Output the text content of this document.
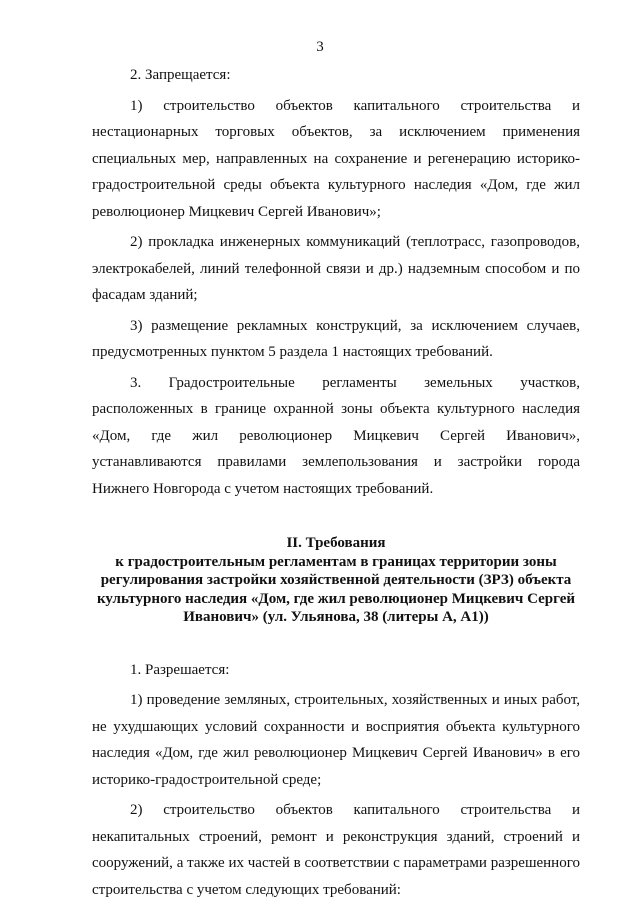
3

2. Запрещается:

1) строительство объектов капитального строительства и нестационарных торговых объектов, за исключением применения специальных мер, направленных на сохранение и регенерацию историко-градостроительной среды объекта культурного наследия «Дом, где жил революционер Мицкевич Сергей Иванович»;

2) прокладка инженерных коммуникаций (теплотрасс, газопроводов, электрокабелей, линий телефонной связи и др.) надземным способом и по фасадам зданий;

3) размещение рекламных конструкций, за исключением случаев, предусмотренных пунктом 5 раздела 1 настоящих требований.

3. Градостроительные регламенты земельных участков, расположенных в границе охранной зоны объекта культурного наследия «Дом, где жил революционер Мицкевич Сергей Иванович», устанавливаются правилами землепользования и застройки города Нижнего Новгорода с учетом настоящих требований.

II. Требования
к градостроительным регламентам в границах территории зоны
регулирования застройки хозяйственной деятельности (ЗРЗ) объекта
культурного наследия «Дом, где жил революционер Мицкевич Сергей
Иванович» (ул. Ульянова, 38 (литеры А, А1))

1. Разрешается:

1) проведение земляных, строительных, хозяйственных и иных работ, не ухудшающих условий сохранности и восприятия объекта культурного наследия «Дом, где жил революционер Мицкевич Сергей Иванович» в его историко-градостроительной среде;

2) строительство объектов капитального строительства и некапитальных строений, ремонт и реконструкция зданий, строений и сооружений, а также их частей в соответствии с параметрами разрешенного строительства с учетом следующих требований:
